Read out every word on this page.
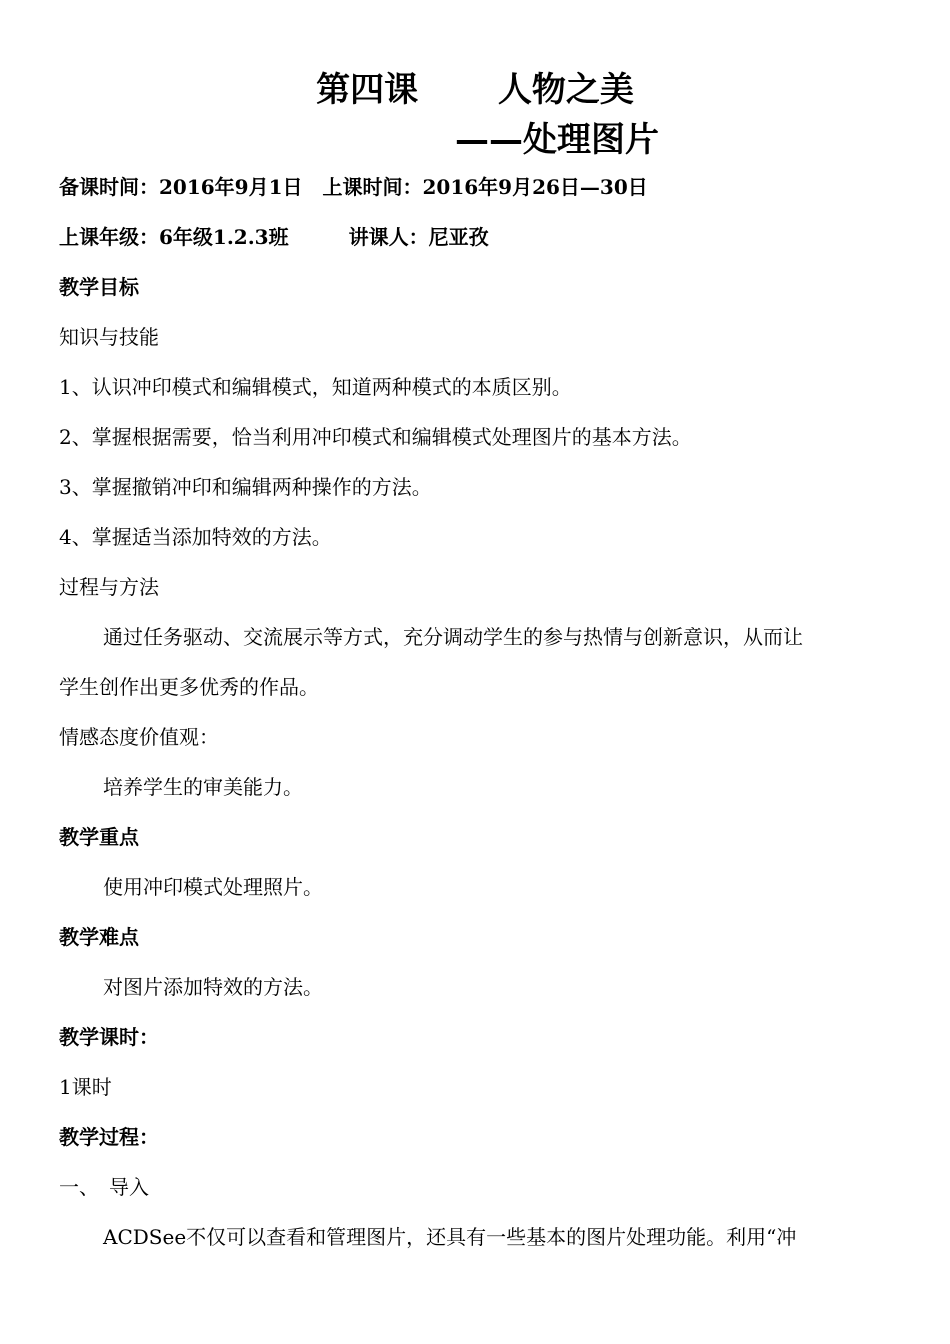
第四课　　 人物之美
——处理图片
备课时间：2016年9月1日　上课时间：2016年9月26日—30日
上课年级：6年级1.2.3班　　　讲课人：尼亚孜
教学目标
知识与技能
1、认识冲印模式和编辑模式，知道两种模式的本质区别。
2、掌握根据需要，恰当利用冲印模式和编辑模式处理图片的基本方法。
3、掌握撤销冲印和编辑两种操作的方法。
4、掌握适当添加特效的方法。
过程与方法
通过任务驱动、交流展示等方式，充分调动学生的参与热情与创新意识，从而让
学生创作出更多优秀的作品。
情感态度价值观：
培养学生的审美能力。
教学重点
使用冲印模式处理照片。
教学难点
对图片添加特效的方法。
教学课时：
1课时
教学过程：
一、　导入
ACDSee不仅可以查看和管理图片，还具有一些基本的图片处理功能。利用“冲
